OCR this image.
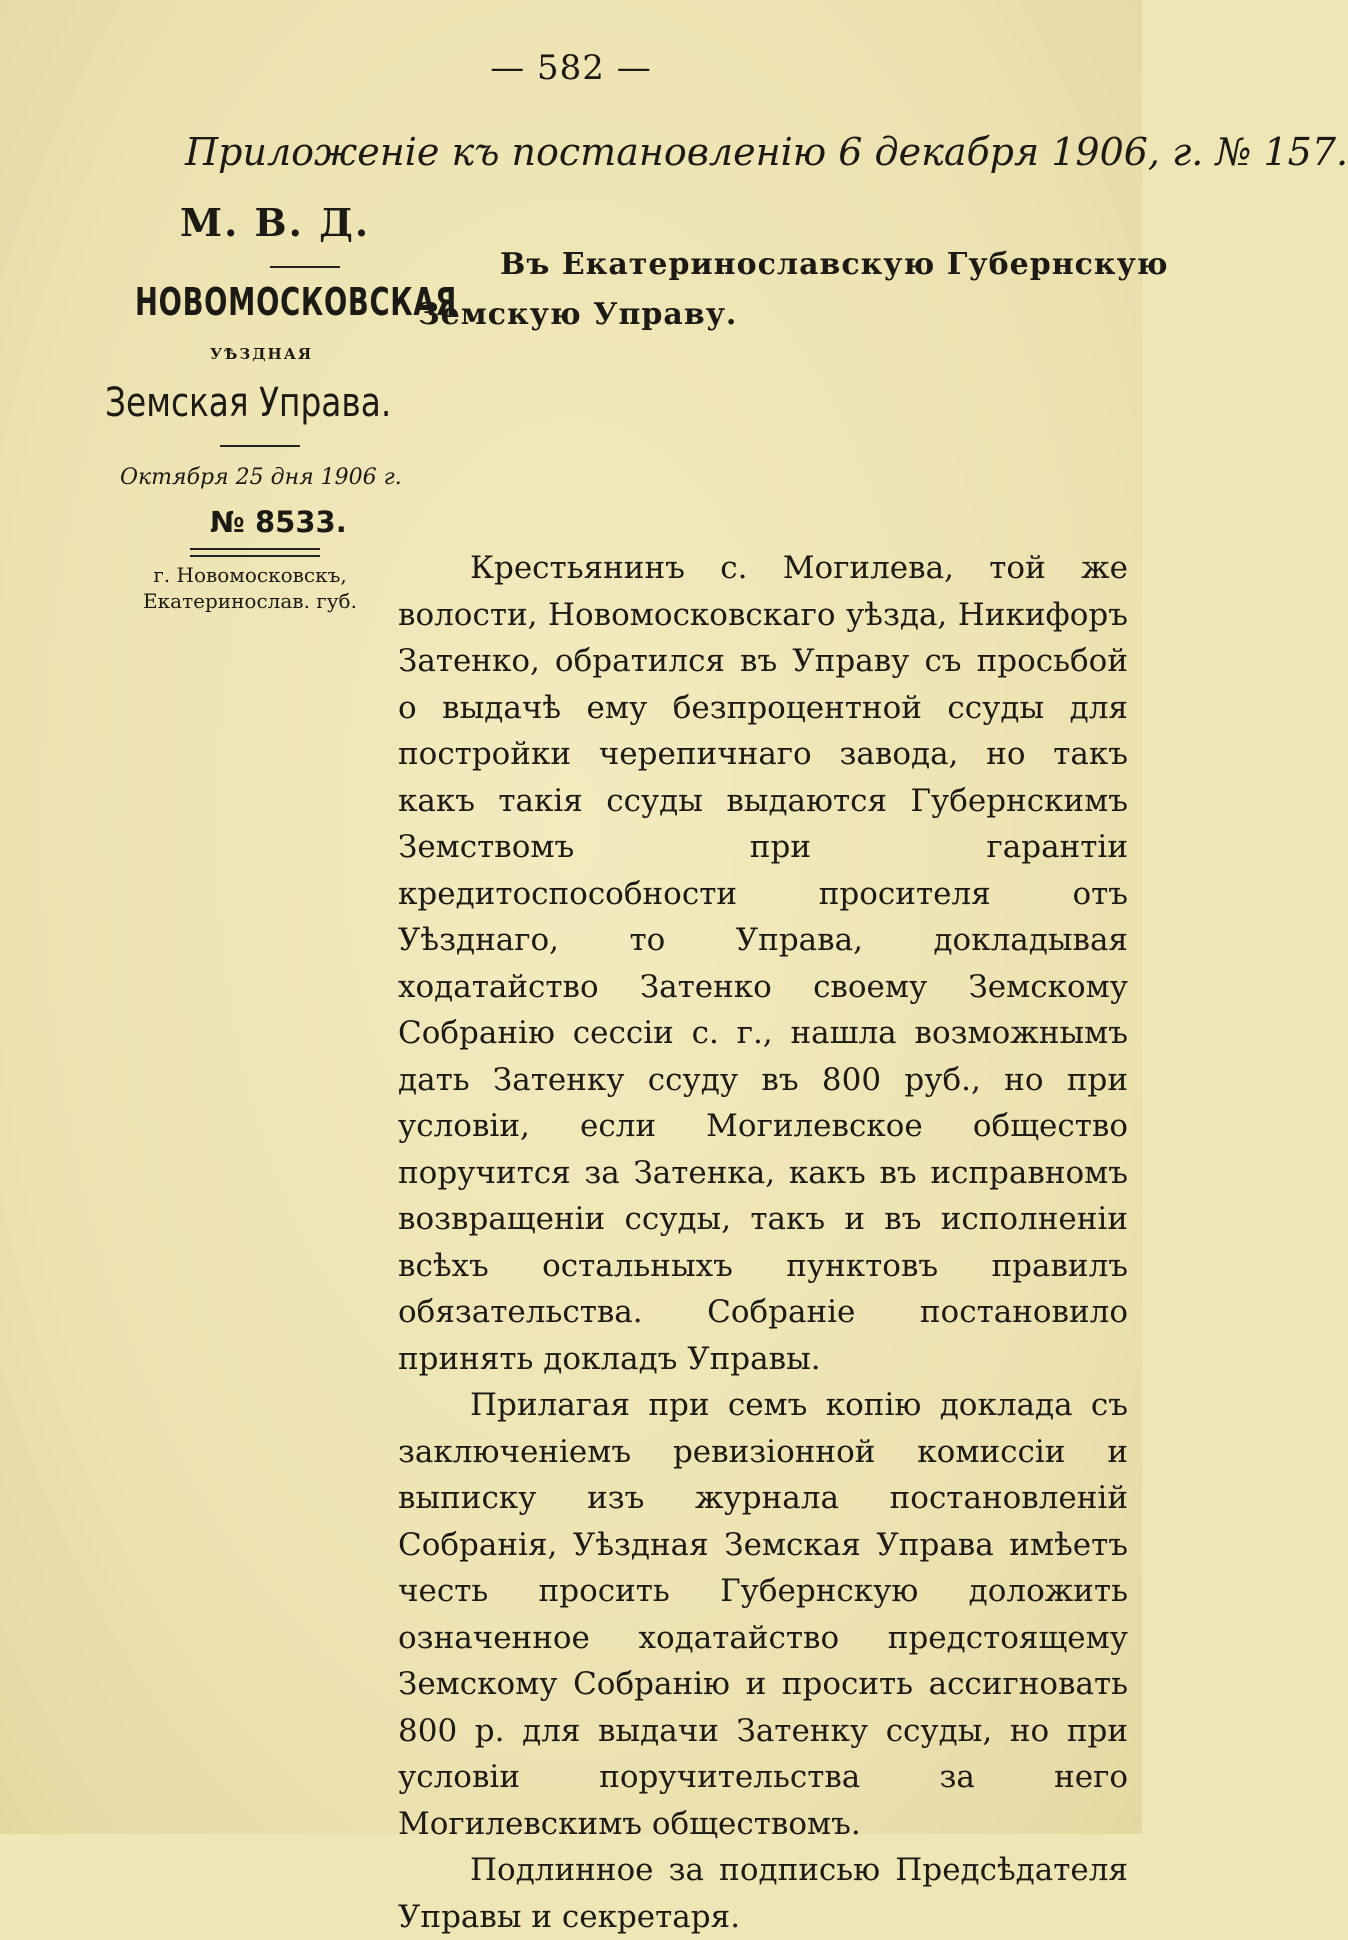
— 582 —
Приложеніе къ постановленію 6 декабря 1906, г. № 157.
М. В. Д.
НОВОМОСКОВСКАЯ
УѢЗДНАЯ
Земская Управа.
Октября 25 дня 1906 г.
№ 8533.
г. Новомосковскъ,
Екатеринослав. губ.
Въ Екатеринославскую Губернскую
Земскую Управу.

Крестьянинъ с. Могилева, той же волости, Новомосковскаго уѣзда, Никифоръ Затенко, обратился въ Управу съ просьбой о выдачѣ ему безпроцентной ссуды для постройки черепичнаго завода, но такъ какъ такія ссуды выдаются Губернскимъ Земствомъ при гарантіи кредитоспособности просителя отъ Уѣзднаго, то Управа, докладывая ходатайство Затенко своему Земскому Собранію сессіи с. г., нашла возможнымъ дать Затенку ссуду въ 800 руб., но при условіи, если Могилевское общество поручится за Затенка, какъ въ исправномъ возвращеніи ссуды, такъ и въ исполненіи всѣхъ остальныхъ пунктовъ правилъ обязательства. Собраніе постановило принять докладъ Управы.

Прилагая при семъ копію доклада съ заключеніемъ ревизіонной комиссіи и выписку изъ журнала постановленій Собранія, Уѣздная Земская Управа имѣетъ честь просить Губернскую доложить означенное ходатайство предстоящему Земскому Собранію и просить ассигновать 800 р. для выдачи Затенку ссуды, но при условіи поручительства за него Могилевскимъ обществомъ.

Подлинное за подписью Предсѣдателя Управы и секретаря.
